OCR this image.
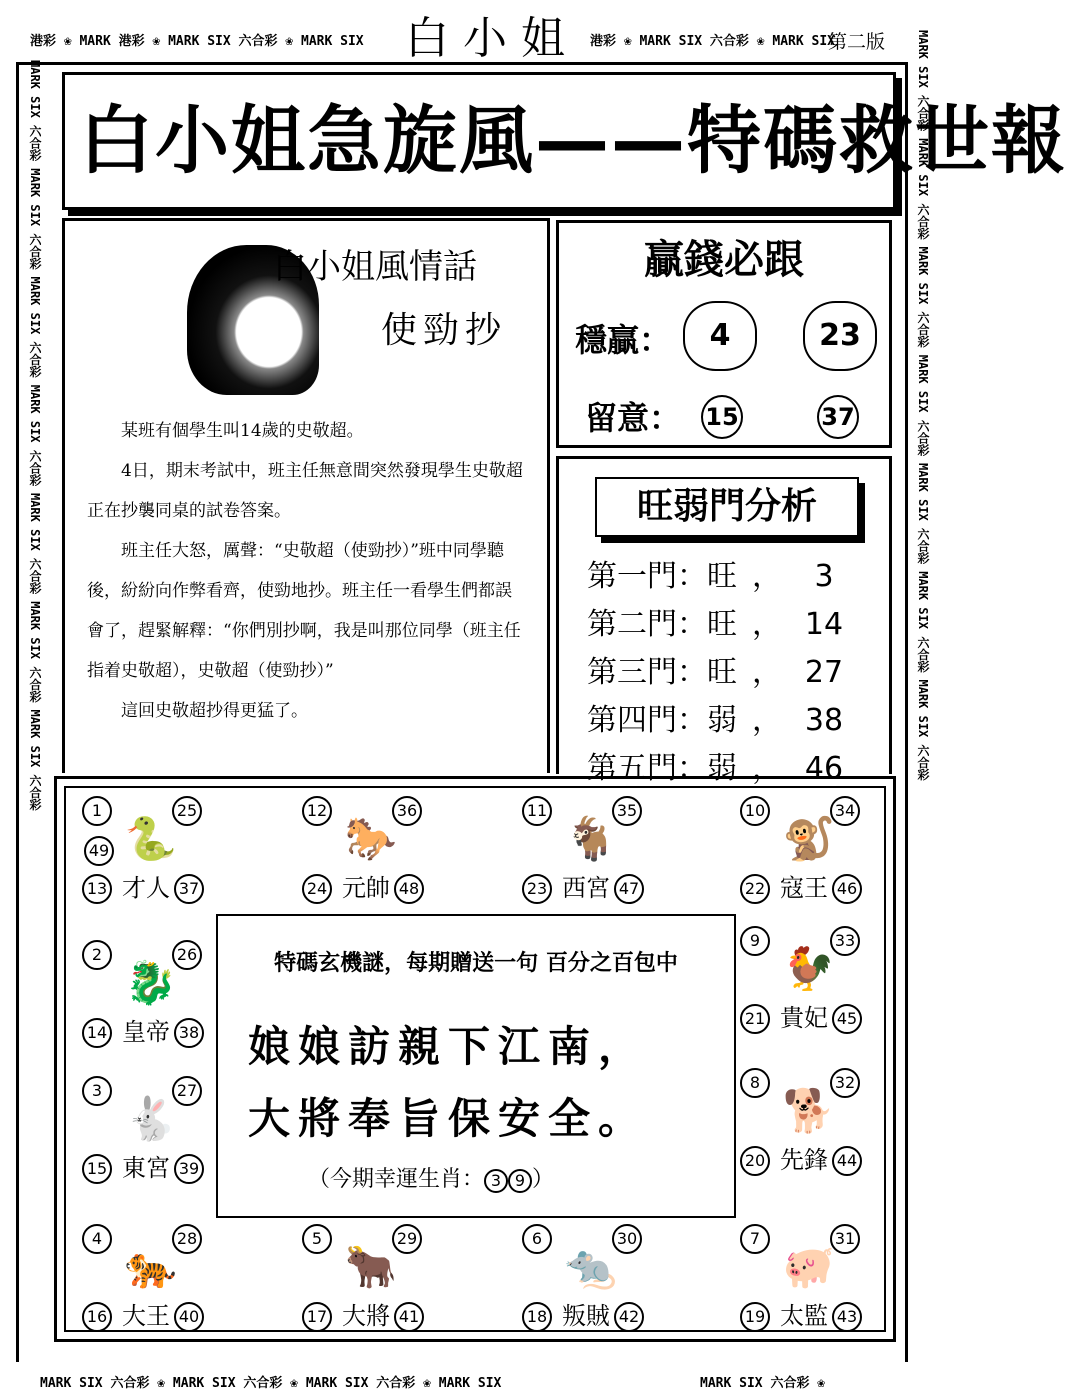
港彩 ❀ MARK 港彩 ❀ MARK SIX 六合彩 ❀ MARK SIX 白 小 姐	港彩 ❀ MARK SIX 六合彩 ❀ MARK SIX
第二版
MARK SIX 六合彩 MARK SIX 六合彩 MARK SIX 六合彩 MARK SIX 六合彩 MARK SIX 六合彩 MARK SIX 六合彩 MARK SIX 六合彩	MARK SIX 六合彩 MARK SIX 六合彩 MARK SIX 六合彩 MARK SIX 六合彩 MARK SIX 六合彩 MARK SIX 六合彩 MARK SIX 六合彩
白小姐急旋風——特碼救世報
白小姐風情話
使勁抄

某班有個學生叫14歲的史敬超。

4日，期末考試中，班主任無意間突然發現學生史敬超正在抄襲同桌的試卷答案。

班主任大怒，厲聲：“史敬超（使勁抄）”班中同學聽後，紛紛向作弊看齊，使勁地抄。班主任一看學生們都誤會了，趕緊解釋：“你們別抄啊，我是叫那位同學（班主任指着史敬超），史敬超（使勁抄）”

這回史敬超抄得更猛了。

贏錢必跟
穩贏：	4	23
留意： 15	37
旺弱門分析
第一門：旺 ， 3
第二門：旺 ， 14
第三門：旺 ， 27
第四門：弱 ， 38
第五門：弱 ， 46
1	25
49 🐍
13 才人 37
12	36
🐎
24 元帥 48
11	35
🐐
23 西宮 47
10	34
🐒
22 寇王 46
2	26
🐉
14 皇帝 38
9	33
🐓
21 貴妃 45
3	27
🐇
15 東宮 39
8	32
🐕
20 先鋒 44
4	28
🐅
16 大王 40
5	29
🐂
17 大將 41
6	30
🐀
18 叛賊 42
7	31
🐖
19 太監 43
特碼玄機謎，每期贈送一句 百分之百包中
娘娘訪親下江南，
大將奉旨保安全。
（今期幸運生肖： 3 9 ）
MARK SIX 六合彩 ❀ MARK SIX 六合彩 ❀ MARK SIX 六合彩 ❀ MARK SIX	MARK SIX 六合彩 ❀
